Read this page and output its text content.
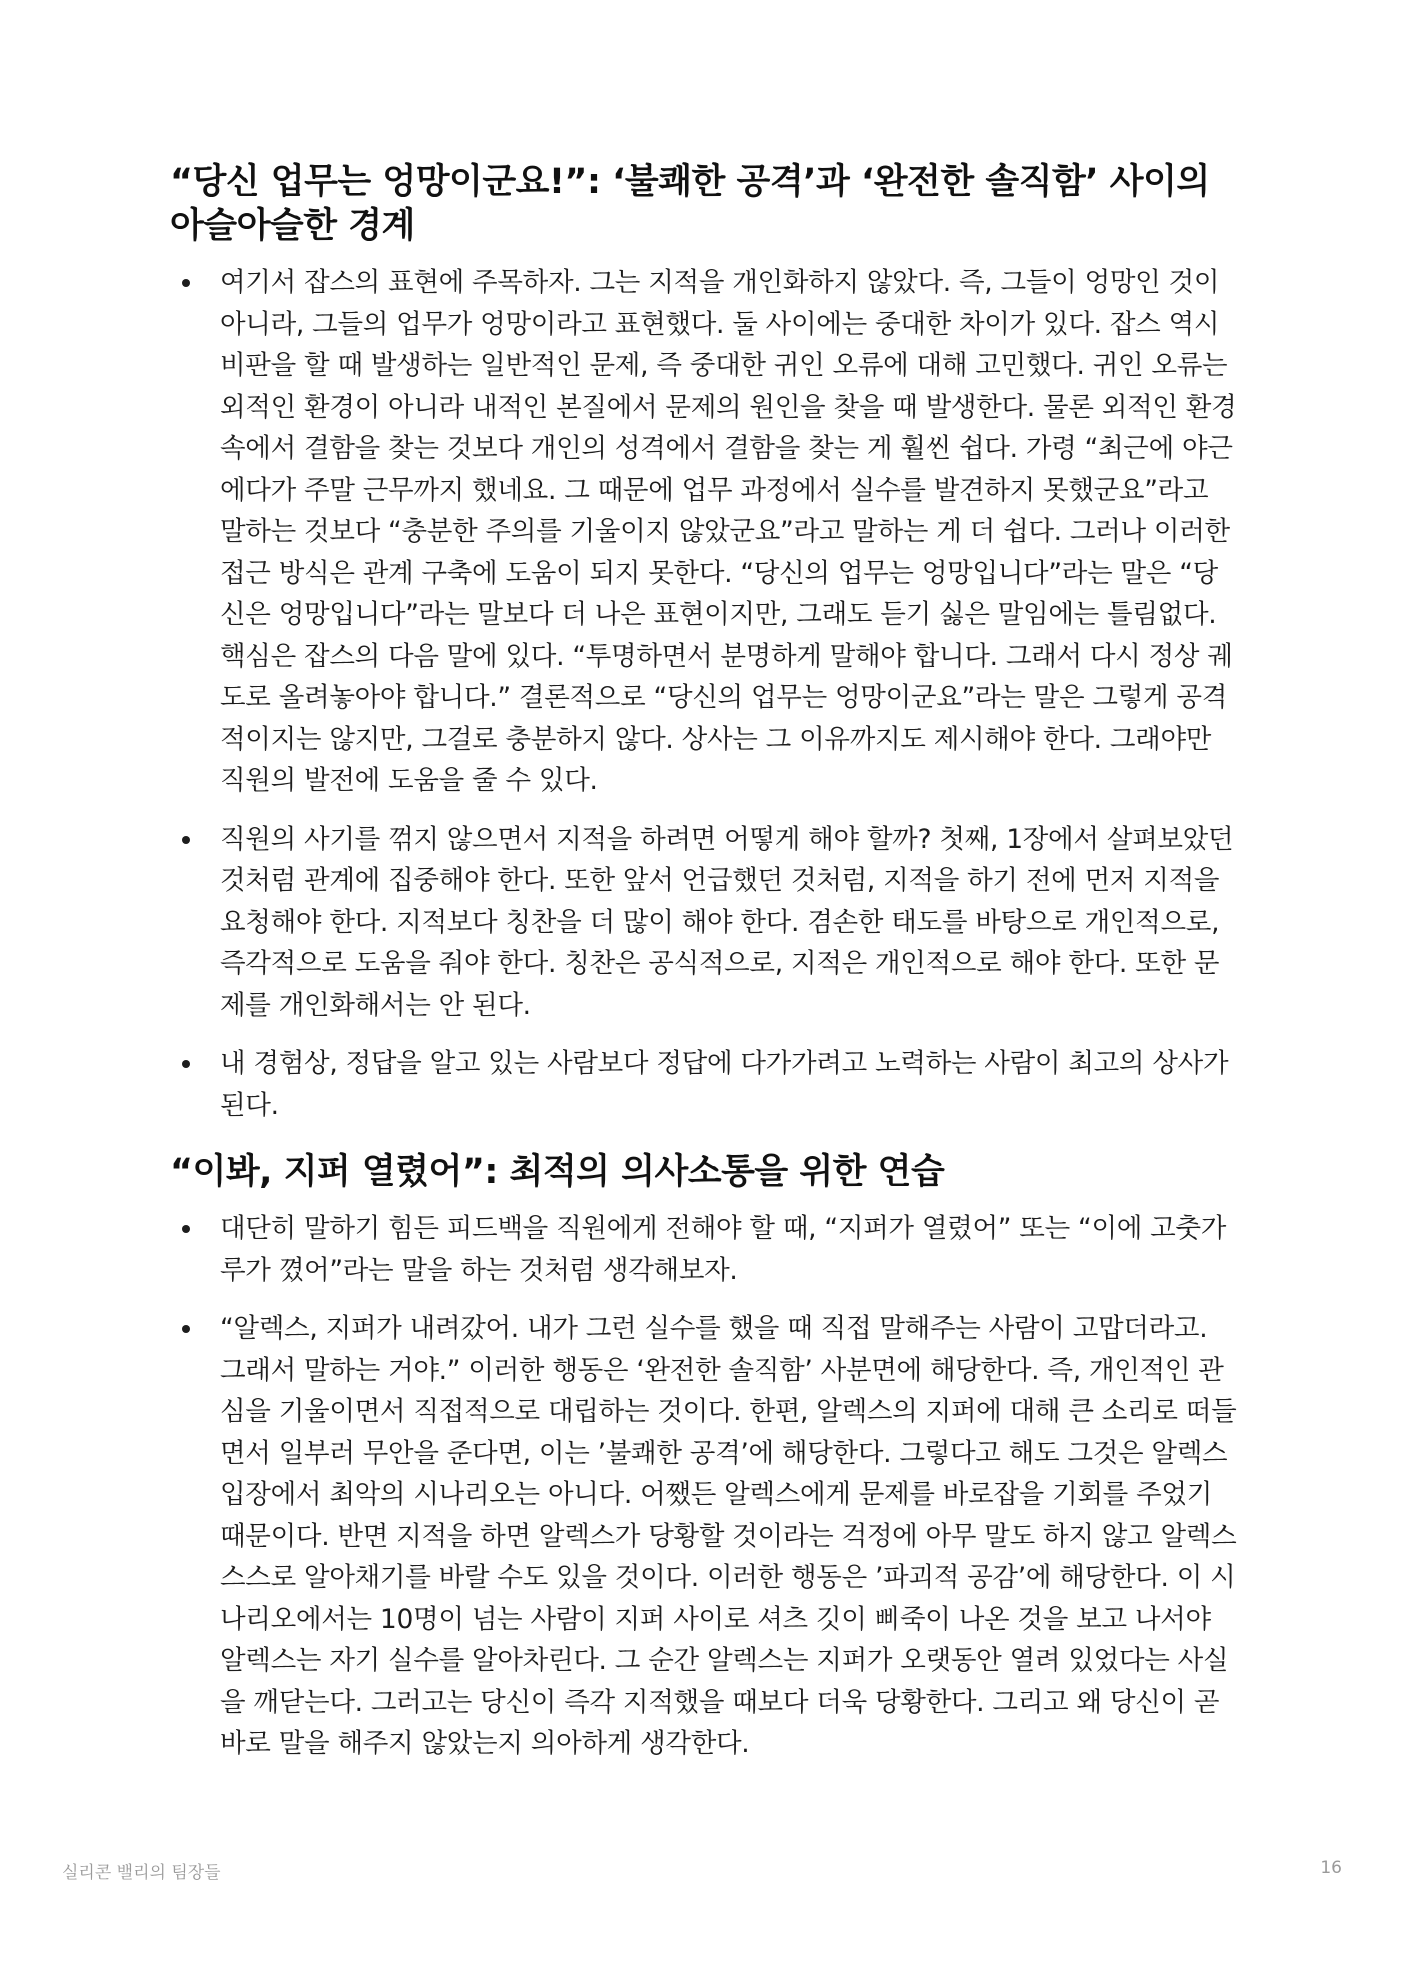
“당신 업무는 엉망이군요!”: ‘불쾌한 공격’과 ‘완전한 솔직함’ 사이의 아슬아슬한 경계
여기서 잡스의 표현에 주목하자. 그는 지적을 개인화하지 않았다. 즉, 그들이 엉망인 것이 아니라, 그들의 업무가 엉망이라고 표현했다. 둘 사이에는 중대한 차이가 있다. 잡스 역시 비판을 할 때 발생하는 일반적인 문제, 즉 중대한 귀인 오류에 대해 고민했다. 귀인 오류는 외적인 환경이 아니라 내적인 본질에서 문제의 원인을 찾을 때 발생한다. 물론 외적인 환경 속에서 결함을 찾는 것보다 개인의 성격에서 결함을 찾는 게 훨씬 쉽다. 가령 “최근에 야근에다가 주말 근무까지 했네요. 그 때문에 업무 과정에서 실수를 발견하지 못했군요”라고 말하는 것보다 “충분한 주의를 기울이지 않았군요”라고 말하는 게 더 쉽다. 그러나 이러한 접근 방식은 관계 구축에 도움이 되지 못한다. “당신의 업무는 엉망입니다”라는 말은 “당신은 엉망입니다”라는 말보다 더 나은 표현이지만, 그래도 듣기 싫은 말임에는 틀림없다. 핵심은 잡스의 다음 말에 있다. “투명하면서 분명하게 말해야 합니다. 그래서 다시 정상 궤도로 올려놓아야 합니다.” 결론적으로 “당신의 업무는 엉망이군요”라는 말은 그렇게 공격적이지는 않지만, 그걸로 충분하지 않다. 상사는 그 이유까지도 제시해야 한다. 그래야만 직원의 발전에 도움을 줄 수 있다.
직원의 사기를 꺾지 않으면서 지적을 하려면 어떻게 해야 할까? 첫째, 1장에서 살펴보았던 것처럼 관계에 집중해야 한다. 또한 앞서 언급했던 것처럼, 지적을 하기 전에 먼저 지적을 요청해야 한다. 지적보다 칭찬을 더 많이 해야 한다. 겸손한 태도를 바탕으로 개인적으로, 즉각적으로 도움을 줘야 한다. 칭찬은 공식적으로, 지적은 개인적으로 해야 한다. 또한 문제를 개인화해서는 안 된다.
내 경험상, 정답을 알고 있는 사람보다 정답에 다가가려고 노력하는 사람이 최고의 상사가 된다.
“이봐, 지퍼 열렸어”: 최적의 의사소통을 위한 연습
대단히 말하기 힘든 피드백을 직원에게 전해야 할 때, “지퍼가 열렸어” 또는 “이에 고춧가루가 꼈어”라는 말을 하는 것처럼 생각해보자.
“알렉스, 지퍼가 내려갔어. 내가 그런 실수를 했을 때 직접 말해주는 사람이 고맙더라고. 그래서 말하는 거야.” 이러한 행동은 ‘완전한 솔직함’ 사분면에 해당한다. 즉, 개인적인 관심을 기울이면서 직접적으로 대립하는 것이다. 한편, 알렉스의 지퍼에 대해 큰 소리로 떠들면서 일부러 무안을 준다면, 이는 ’불쾌한 공격’에 해당한다. 그렇다고 해도 그것은 알렉스 입장에서 최악의 시나리오는 아니다. 어쨌든 알렉스에게 문제를 바로잡을 기회를 주었기 때문이다. 반면 지적을 하면 알렉스가 당황할 것이라는 걱정에 아무 말도 하지 않고 알렉스 스스로 알아채기를 바랄 수도 있을 것이다. 이러한 행동은 ’파괴적 공감’에 해당한다. 이 시나리오에서는 10명이 넘는 사람이 지퍼 사이로 셔츠 깃이 삐죽이 나온 것을 보고 나서야 알렉스는 자기 실수를 알아차린다. 그 순간 알렉스는 지퍼가 오랫동안 열려 있었다는 사실을 깨닫는다. 그러고는 당신이 즉각 지적했을 때보다 더욱 당황한다. 그리고 왜 당신이 곧바로 말을 해주지 않았는지 의아하게 생각한다.
실리콘 밸리의 팀장들	16
